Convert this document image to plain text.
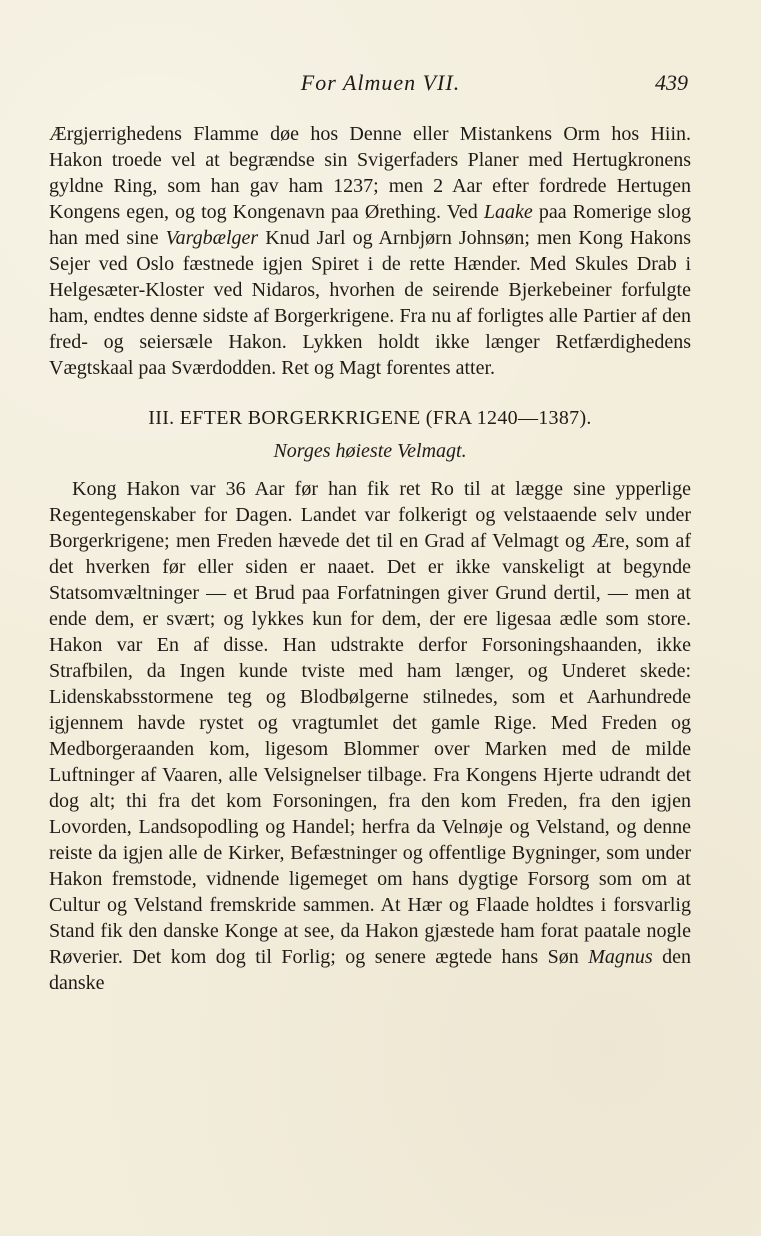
For Almuen VII.	439

Ærgjerrighedens Flamme døe hos Denne eller Mistankens Orm hos Hiin. Hakon troede vel at begrændse sin Svigerfaders Planer med Hertugkronens gyldne Ring, som han gav ham 1237; men 2 Aar efter fordrede Hertugen Kongens egen, og tog Kongenavn paa Ørething. Ved Laake paa Romerige slog han med sine Vargbælger Knud Jarl og Arnbjørn Johnsøn; men Kong Hakons Sejer ved Oslo fæstnede igjen Spiret i de rette Hænder. Med Skules Drab i Helgesæter-Kloster ved Nidaros, hvorhen de seirende Bjerkebeiner forfulgte ham, endtes denne sidste af Borgerkrigene. Fra nu af forligtes alle Partier af den fred- og seiersæle Hakon. Lykken holdt ikke længer Retfærdighedens Vægtskaal paa Sværdodden. Ret og Magt forentes atter.

III. EFTER BORGERKRIGENE (FRA 1240—1387).
Norges høieste Velmagt.

Kong Hakon var 36 Aar før han fik ret Ro til at lægge sine ypperlige Regentegenskaber for Dagen. Landet var folkerigt og velstaaende selv under Borgerkrigene; men Freden hævede det til en Grad af Velmagt og Ære, som af det hverken før eller siden er naaet. Det er ikke vanskeligt at begynde Statsomvæltninger — et Brud paa Forfatningen giver Grund dertil, — men at ende dem, er svært; og lykkes kun for dem, der ere ligesaa ædle som store. Hakon var En af disse. Han udstrakte derfor Forsoningshaanden, ikke Strafbilen, da Ingen kunde tviste med ham længer, og Underet skede: Lidenskabsstormene teg og Blodbølgerne stilnedes, som et Aarhundrede igjennem havde rystet og vragtumlet det gamle Rige. Med Freden og Medborgeraanden kom, ligesom Blommer over Marken med de milde Luftninger af Vaaren, alle Velsignelser tilbage. Fra Kongens Hjerte udrandt det dog alt; thi fra det kom Forsoningen, fra den kom Freden, fra den igjen Lovorden, Landsopodling og Handel; herfra da Velnøje og Velstand, og denne reiste da igjen alle de Kirker, Befæstninger og offentlige Bygninger, som under Hakon fremstode, vidnende ligemeget om hans dygtige Forsorg som om at Cultur og Velstand fremskride sammen. At Hær og Flaade holdtes i forsvarlig Stand fik den danske Konge at see, da Hakon gjæstede ham forat paatale nogle Røverier. Det kom dog til Forlig; og senere ægtede hans Søn Magnus den danske
